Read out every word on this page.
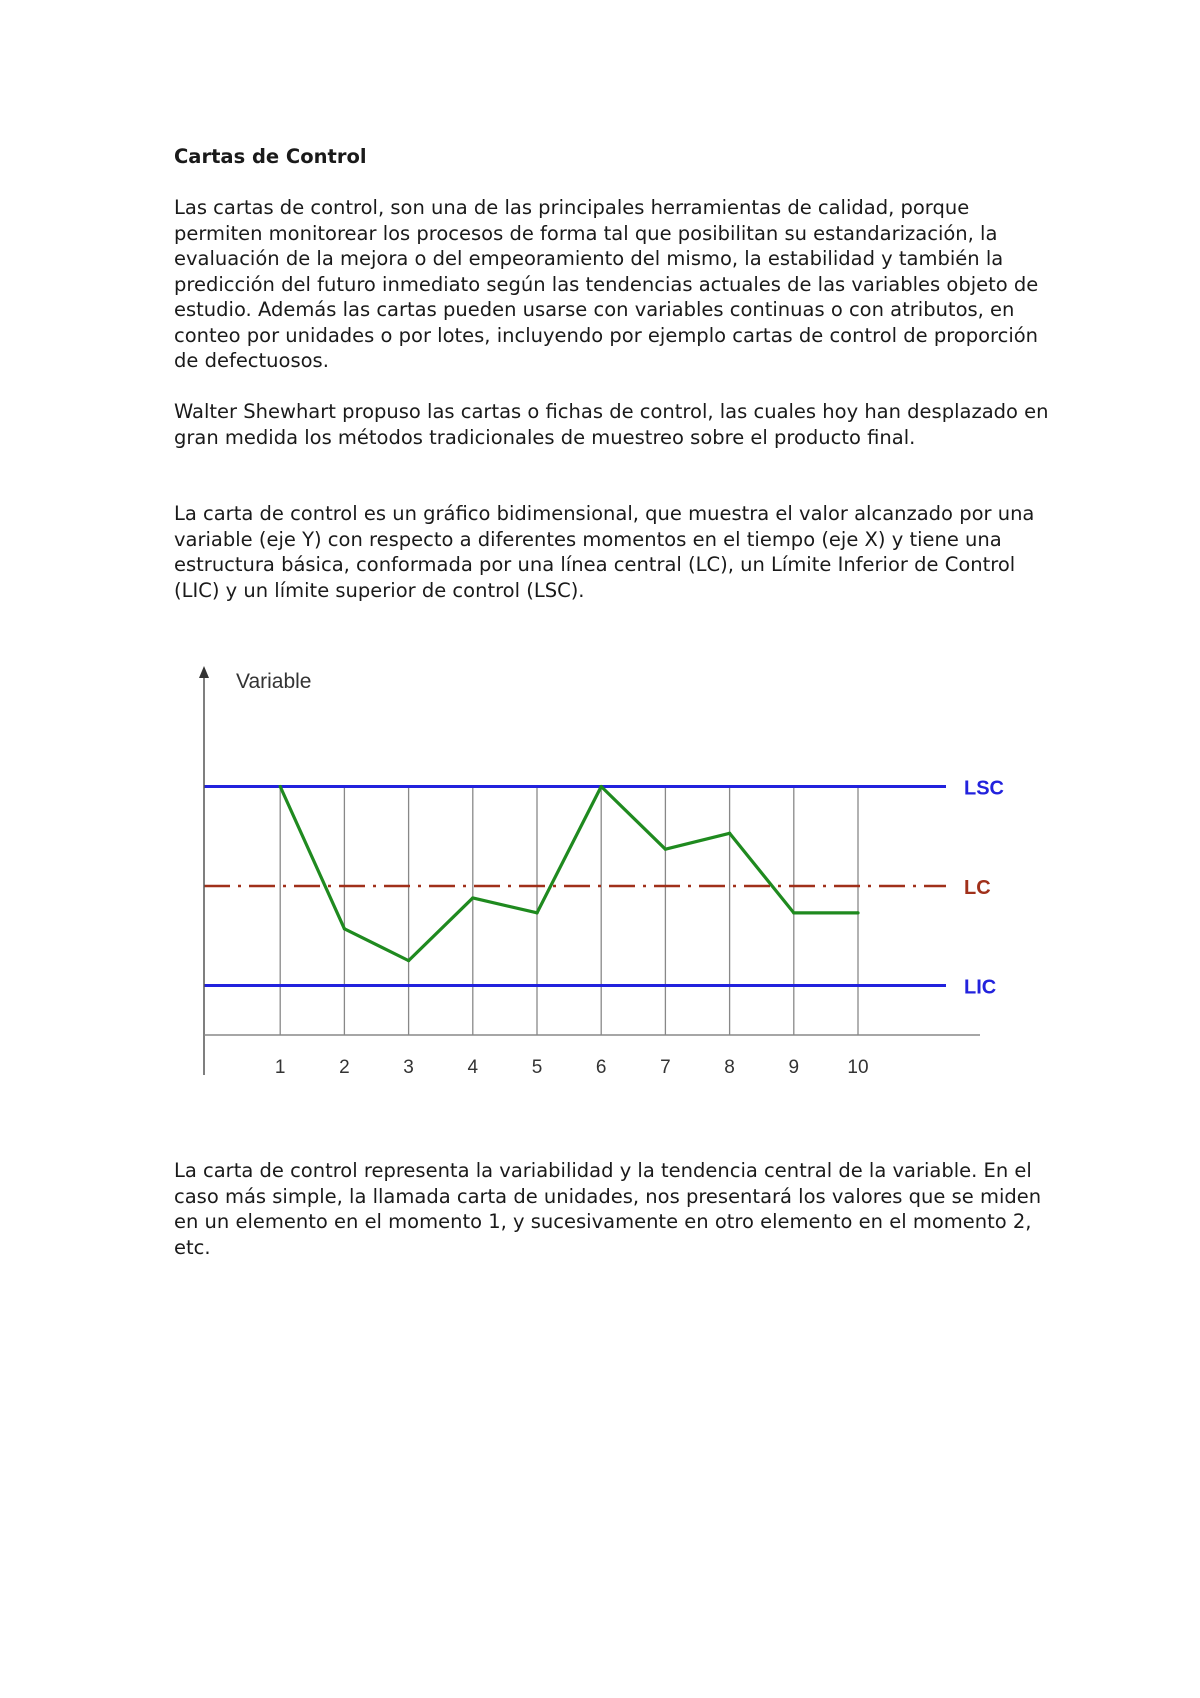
Cartas de Control

Las cartas de control, son una de las principales herramientas de calidad, porque permiten monitorear los procesos de forma tal que posibilitan su estandarización, la evaluación de la mejora o del empeoramiento del mismo, la estabilidad y también la predicción del futuro inmediato según las tendencias actuales de las variables objeto de estudio. Además las cartas pueden usarse con variables continuas o con atributos, en conteo por unidades o por lotes, incluyendo por ejemplo cartas de control de proporción de defectuosos.

Walter Shewhart propuso las cartas o fichas de control, las cuales hoy han desplazado en gran medida los métodos tradicionales de muestreo sobre el producto final.

La carta de control es un gráfico bidimensional, que muestra el valor alcanzado por una variable (eje Y) con respecto a diferentes momentos en el tiempo (eje X) y tiene una estructura básica, conformada por una línea central (LC), un Límite Inferior de Control (LIC) y un límite superior de control (LSC).

LSC
LC
LIC
1	2	3	4	5	6	7	8	9	10
Variable

La carta de control representa la variabilidad y la tendencia central de la variable. En el caso más simple, la llamada carta de unidades, nos presentará los valores que se miden en un elemento en el momento 1, y sucesivamente en otro elemento en el momento 2, etc.
